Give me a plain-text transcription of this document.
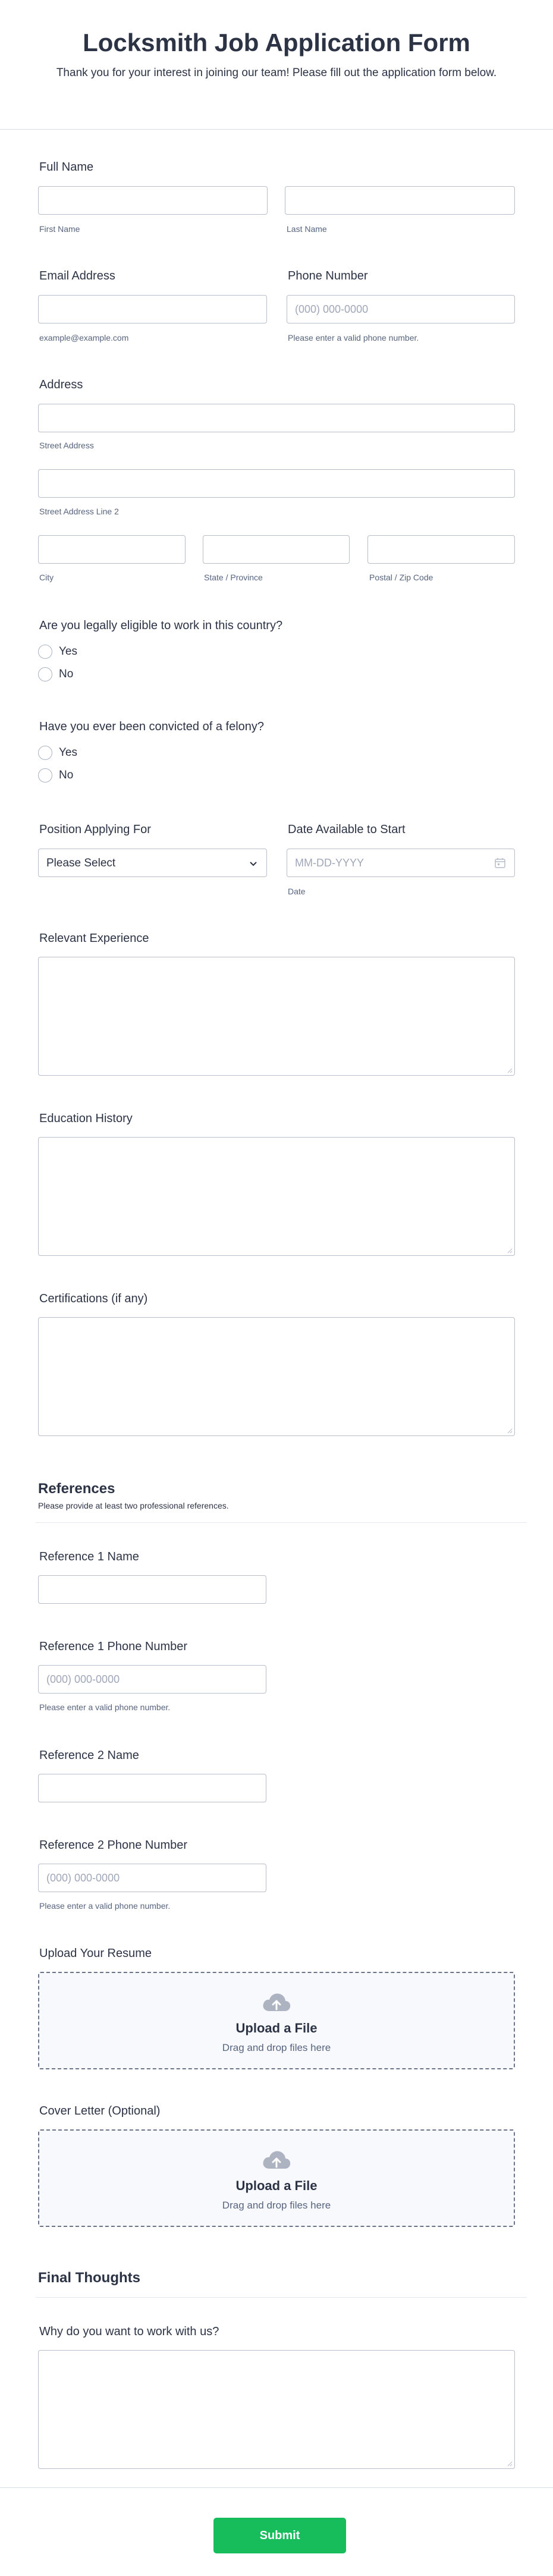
Locksmith Job Application Form
Thank you for your interest in joining our team! Please fill out the application form below.
Full Name
First Name	Last Name
Email Address
example@example.com
Phone Number
(000) 000-0000
Please enter a valid phone number.
Address
Street Address
Street Address Line 2
City	State / Province	Postal / Zip Code
Are you legally eligible to work in this country?
Yes
No
Have you ever been convicted of a felony?
Yes
No
Position Applying For
Please Select
Date Available to Start
MM-DD-YYYY
Date
Relevant Experience
Education History
Certifications (if any)
References
Please provide at least two professional references.
Reference 1 Name
Reference 1 Phone Number
(000) 000-0000
Please enter a valid phone number.
Reference 2 Name
Reference 2 Phone Number
(000) 000-0000
Please enter a valid phone number.
Upload Your Resume
Upload a File
Drag and drop files here
Cover Letter (Optional)
Upload a File
Drag and drop files here
Final Thoughts
Why do you want to work with us?
Submit
